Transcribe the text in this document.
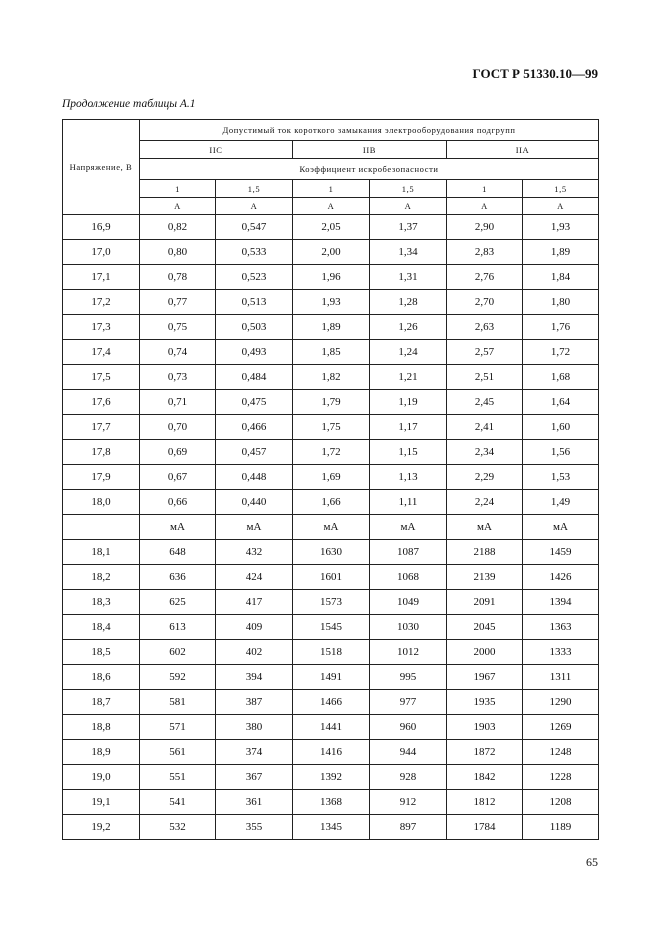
ГОСТ Р 51330.10—99
Продолжение таблицы А.1
Напряжение, В	Допустимый ток короткого замыкания электрооборудования подгрупп					
	IIC		IIB		IIA	
	Коэффициент искробезопасности					
	1	1,5	1	1,5	1	1,5
	А	А	А	А	А	А
16,9	0,82	0,547	2,05	1,37	2,90	1,93
17,0	0,80	0,533	2,00	1,34	2,83	1,89
17,1	0,78	0,523	1,96	1,31	2,76	1,84
17,2	0,77	0,513	1,93	1,28	2,70	1,80
17,3	0,75	0,503	1,89	1,26	2,63	1,76
17,4	0,74	0,493	1,85	1,24	2,57	1,72
17,5	0,73	0,484	1,82	1,21	2,51	1,68
17,6	0,71	0,475	1,79	1,19	2,45	1,64
17,7	0,70	0,466	1,75	1,17	2,41	1,60
17,8	0,69	0,457	1,72	1,15	2,34	1,56
17,9	0,67	0,448	1,69	1,13	2,29	1,53
18,0	0,66	0,440	1,66	1,11	2,24	1,49
	мА	мА	мА	мА	мА	мА
18,1	648	432	1630	1087	2188	1459
18,2	636	424	1601	1068	2139	1426
18,3	625	417	1573	1049	2091	1394
18,4	613	409	1545	1030	2045	1363
18,5	602	402	1518	1012	2000	1333
18,6	592	394	1491	995	1967	1311
18,7	581	387	1466	977	1935	1290
18,8	571	380	1441	960	1903	1269
18,9	561	374	1416	944	1872	1248
19,0	551	367	1392	928	1842	1228
19,1	541	361	1368	912	1812	1208
19,2	532	355	1345	897	1784	1189
65
